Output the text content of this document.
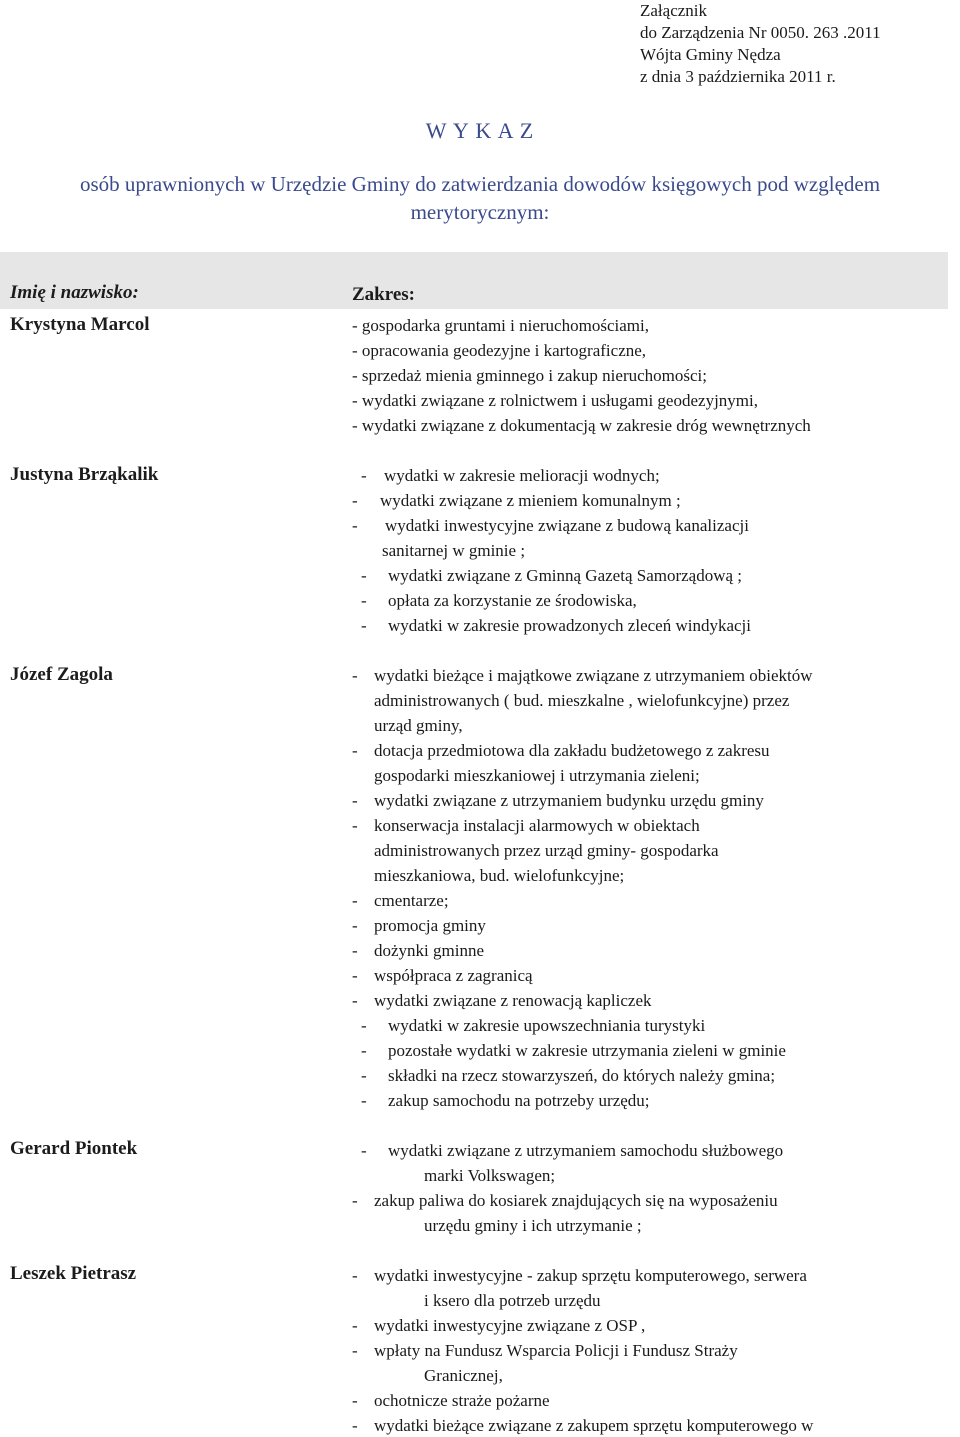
Załącznik
do Zarządzenia Nr 0050. 263 .2011
Wójta Gminy Nędza
z dnia 3 października 2011 r.
W Y K A Z
osób uprawnionych w Urzędzie Gminy do zatwierdzania dowodów księgowych pod względem
merytorycznym:
Imię i nazwisko:	Zakres:
Krystyna Marcol	- gospodarka gruntami i nieruchomościami,
- opracowania geodezyjne i kartograficzne,
- sprzedaż mienia gminnego i zakup nieruchomości;
- wydatki związane z rolnictwem i usługami geodezyjnymi,
- wydatki związane z dokumentacją w zakresie dróg wewnętrznych
Justyna Brząkalik	- wydatki w zakresie melioracji wodnych;
- wydatki związane z mieniem komunalnym ;
- wydatki inwestycyjne związane z budową kanalizacji
sanitarnej w gminie ;
- wydatki związane z Gminną Gazetą Samorządową ;
- opłata za korzystanie ze środowiska,
- wydatki w zakresie prowadzonych zleceń windykacji
Józef Zagola	- wydatki bieżące i majątkowe związane z utrzymaniem obiektów
administrowanych ( bud. mieszkalne , wielofunkcyjne) przez
urząd gminy,
- dotacja przedmiotowa dla zakładu budżetowego z zakresu
gospodarki mieszkaniowej i utrzymania zieleni;
- wydatki związane z utrzymaniem budynku urzędu gminy
- konserwacja instalacji alarmowych w obiektach
administrowanych przez urząd gminy- gospodarka
mieszkaniowa, bud. wielofunkcyjne;
- cmentarze;
- promocja gminy
- dożynki gminne
- współpraca z zagranicą
- wydatki związane z renowacją kapliczek
- wydatki w zakresie upowszechniania turystyki
- pozostałe wydatki w zakresie utrzymania zieleni w gminie
- składki na rzecz stowarzyszeń, do których należy gmina;
- zakup samochodu na potrzeby urzędu;
Gerard Piontek	- wydatki związane z utrzymaniem samochodu służbowego
marki Volkswagen;
- zakup paliwa do kosiarek znajdujących się na wyposażeniu
urzędu gminy i ich utrzymanie ;
Leszek Pietrasz	- wydatki inwestycyjne - zakup sprzętu komputerowego, serwera
i ksero dla potrzeb urzędu
- wydatki inwestycyjne związane z OSP ,
- wpłaty na Fundusz Wsparcia Policji i Fundusz Straży
Granicznej,
- ochotnicze straże pożarne
- wydatki bieżące związane z zakupem sprzętu komputerowego w
